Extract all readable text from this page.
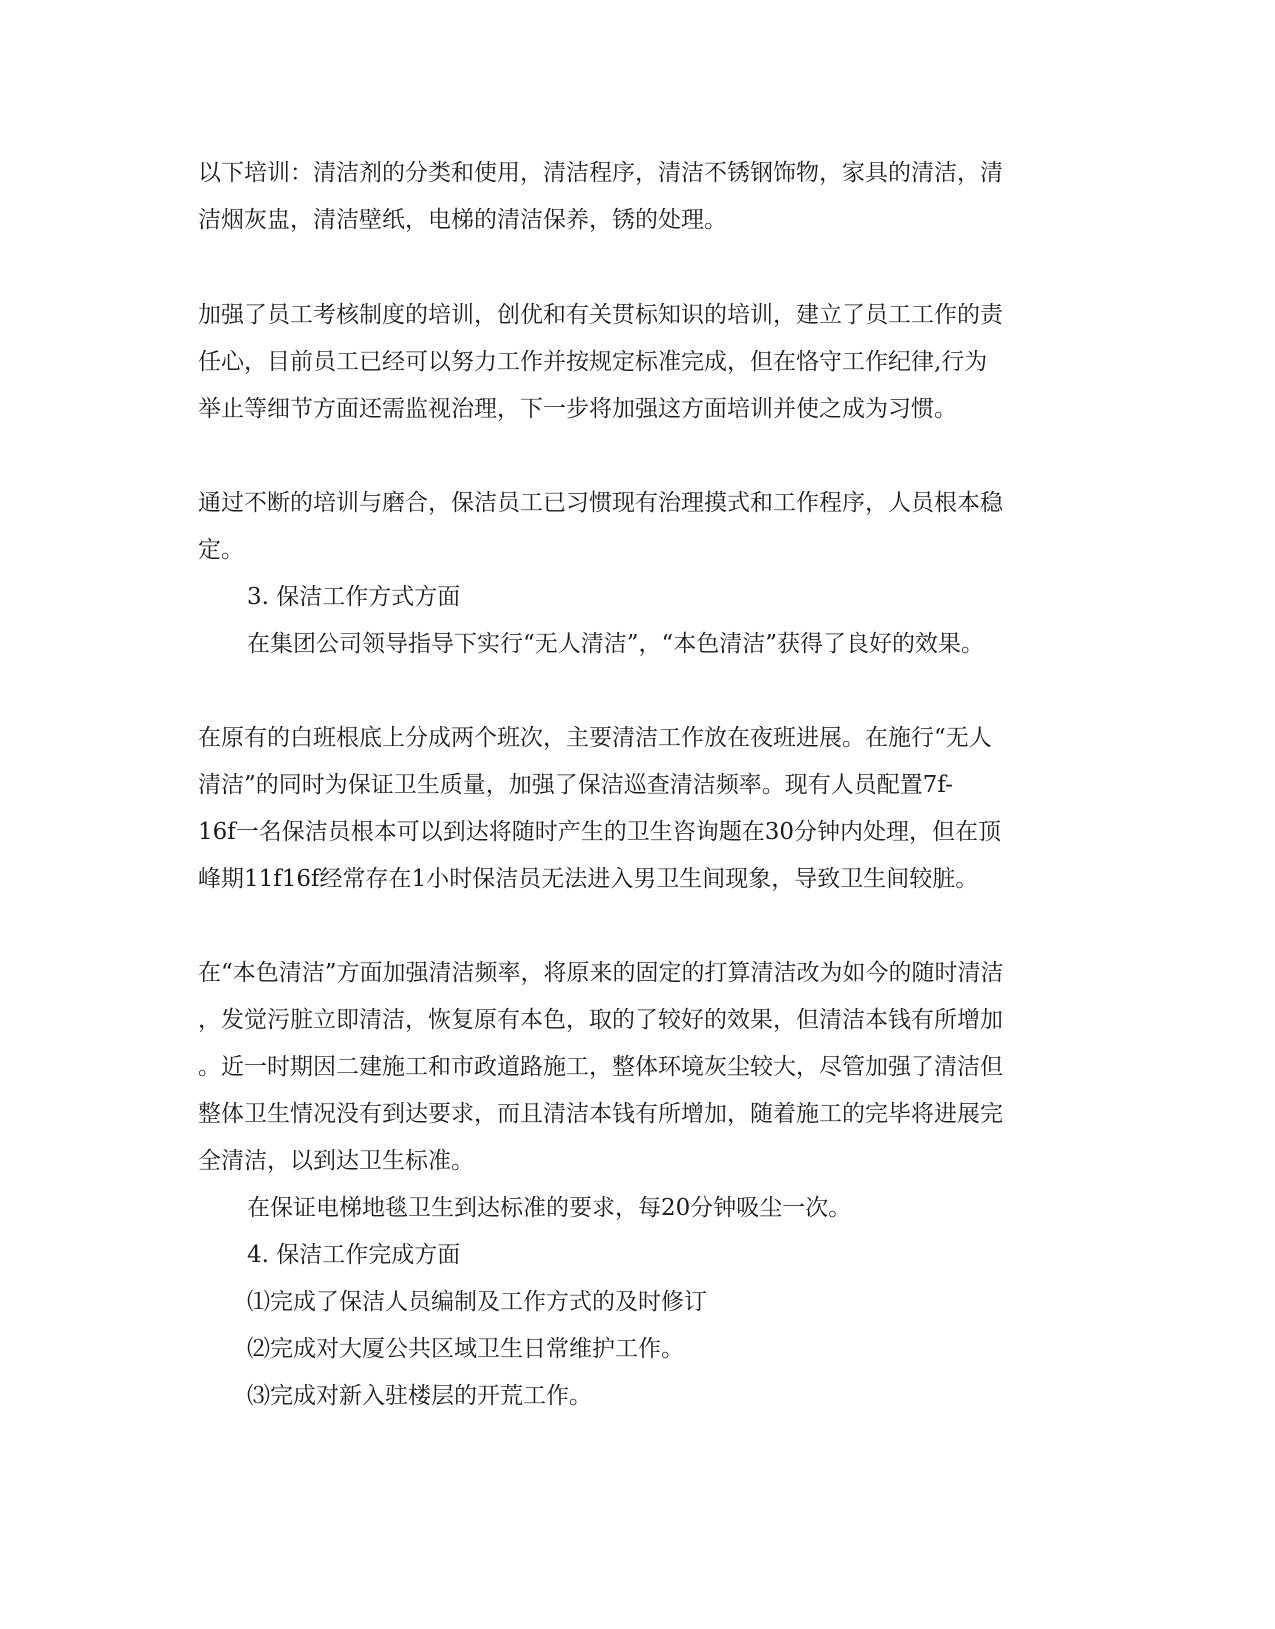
以下培训：清洁剂的分类和使用，清洁程序，清洁不锈钢饰物，家具的清洁，清
洁烟灰盅，清洁壁纸，电梯的清洁保养，锈的处理。
加强了员工考核制度的培训，创优和有关贯标知识的培训，建立了员工工作的责
任心，目前员工已经可以努力工作并按规定标准完成，但在恪守工作纪律,行为
举止等细节方面还需监视治理，下一步将加强这方面培训并使之成为习惯。
通过不断的培训与磨合，保洁员工已习惯现有治理摸式和工作程序，人员根本稳
定。
3. 保洁工作方式方面
在集团公司领导指导下实行“无人清洁”，“本色清洁”获得了良好的效果。
在原有的白班根底上分成两个班次，主要清洁工作放在夜班进展。在施行“无人
清洁”的同时为保证卫生质量，加强了保洁巡查清洁频率。现有人员配置7f-
16f一名保洁员根本可以到达将随时产生的卫生咨询题在30分钟内处理，但在顶
峰期11f16f经常存在1小时保洁员无法进入男卫生间现象，导致卫生间较脏。
在“本色清洁”方面加强清洁频率，将原来的固定的打算清洁改为如今的随时清洁
，发觉污脏立即清洁，恢复原有本色，取的了较好的效果，但清洁本钱有所增加
。近一时期因二建施工和市政道路施工，整体环境灰尘较大，尽管加强了清洁但
整体卫生情况没有到达要求，而且清洁本钱有所增加，随着施工的完毕将进展完
全清洁，以到达卫生标准。
在保证电梯地毯卫生到达标准的要求，每20分钟吸尘一次。
4. 保洁工作完成方面
⑴完成了保洁人员编制及工作方式的及时修订
⑵完成对大厦公共区域卫生日常维护工作。
⑶完成对新入驻楼层的开荒工作。
